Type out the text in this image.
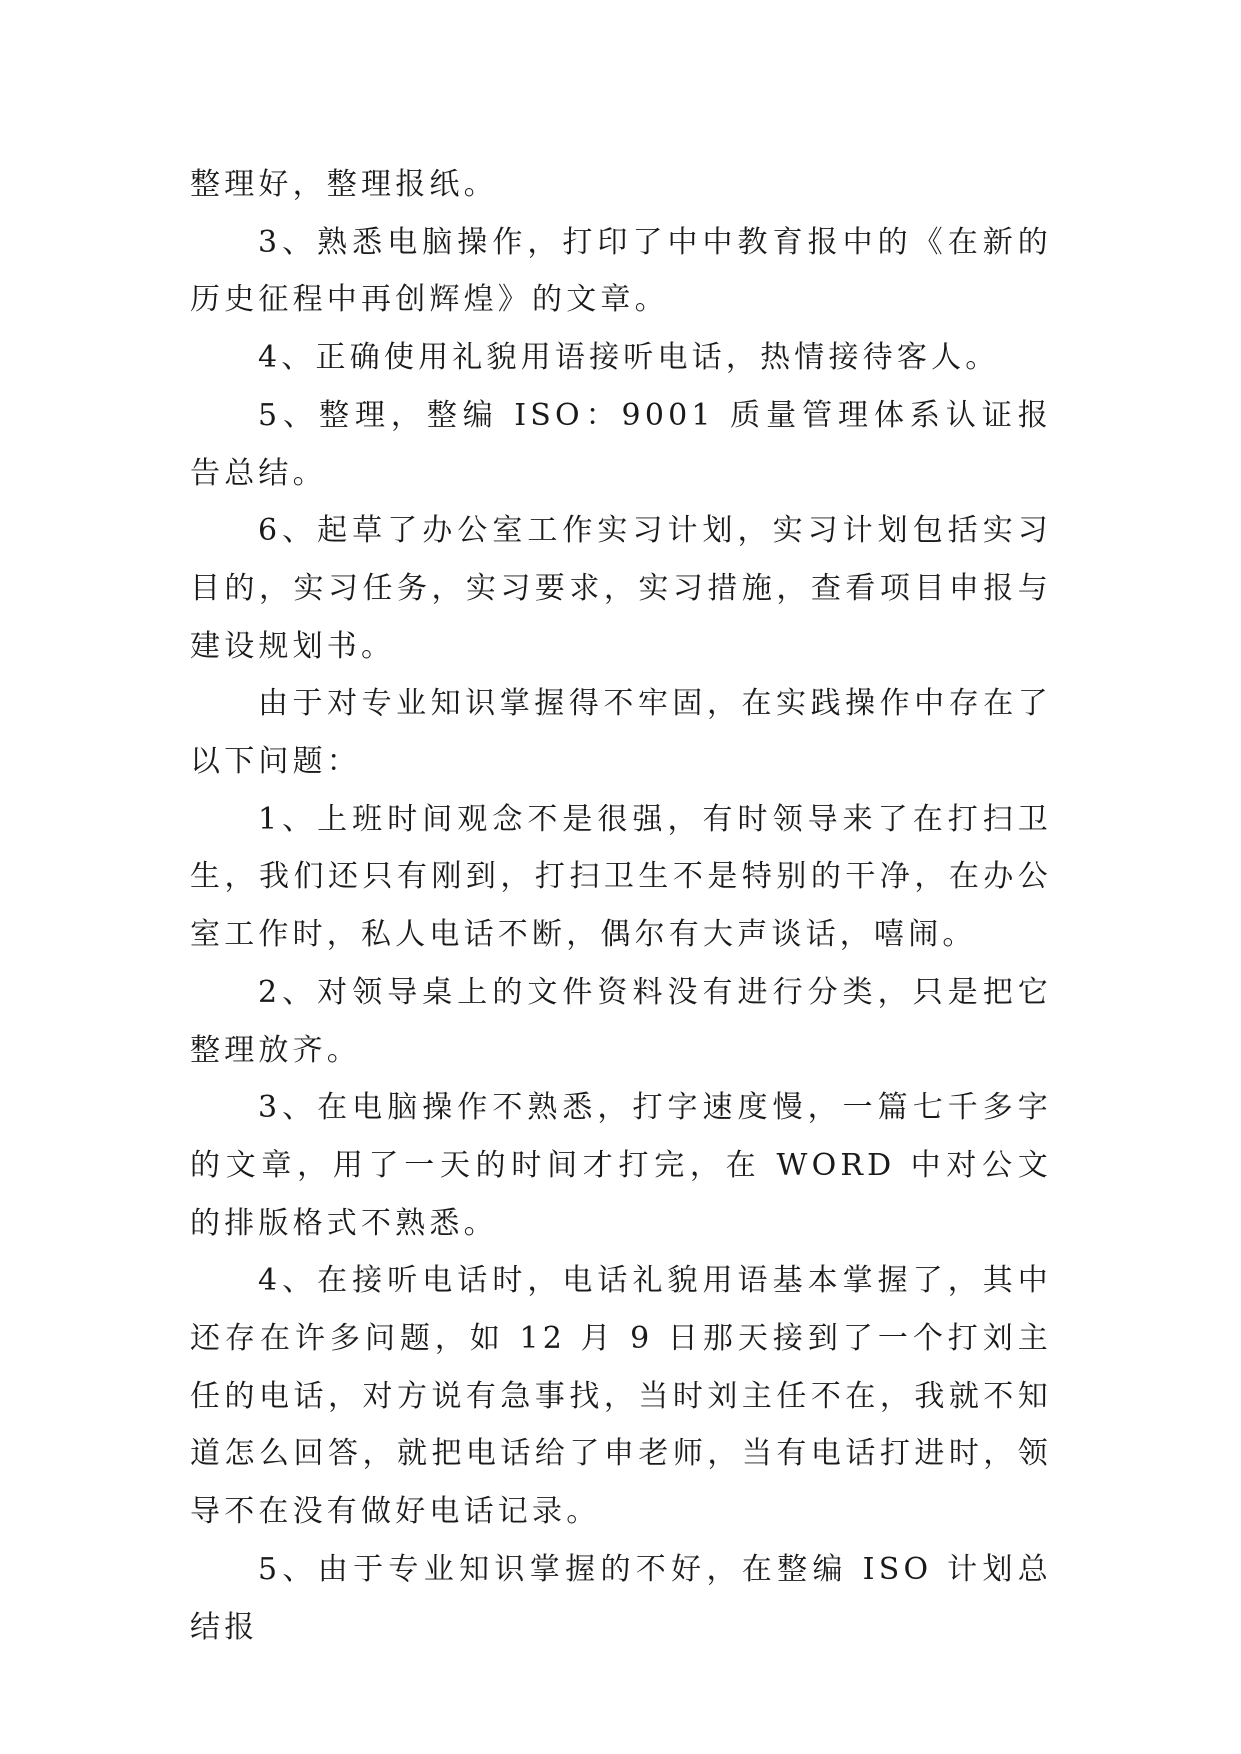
整理好，整理报纸。

3、熟悉电脑操作，打印了中中教育报中的《在新的历史征程中再创辉煌》的文章。

4、正确使用礼貌用语接听电话，热情接待客人。

5、整理，整编 ISO：9001 质量管理体系认证报告总结。

6、起草了办公室工作实习计划，实习计划包括实习目的，实习任务，实习要求，实习措施，查看项目申报与建设规划书。

由于对专业知识掌握得不牢固，在实践操作中存在了以下问题：

1、上班时间观念不是很强，有时领导来了在打扫卫生，我们还只有刚到，打扫卫生不是特别的干净，在办公室工作时，私人电话不断，偶尔有大声谈话，嘻闹。

2、对领导桌上的文件资料没有进行分类，只是把它整理放齐。

3、在电脑操作不熟悉，打字速度慢，一篇七千多字的文章，用了一天的时间才打完，在 WORD 中对公文的排版格式不熟悉。

4、在接听电话时，电话礼貌用语基本掌握了，其中还存在许多问题，如 12 月 9 日那天接到了一个打刘主任的电话，对方说有急事找，当时刘主任不在，我就不知道怎么回答，就把电话给了申老师，当有电话打进时，领导不在没有做好电话记录。

5、由于专业知识掌握的不好，在整编 ISO 计划总结报
